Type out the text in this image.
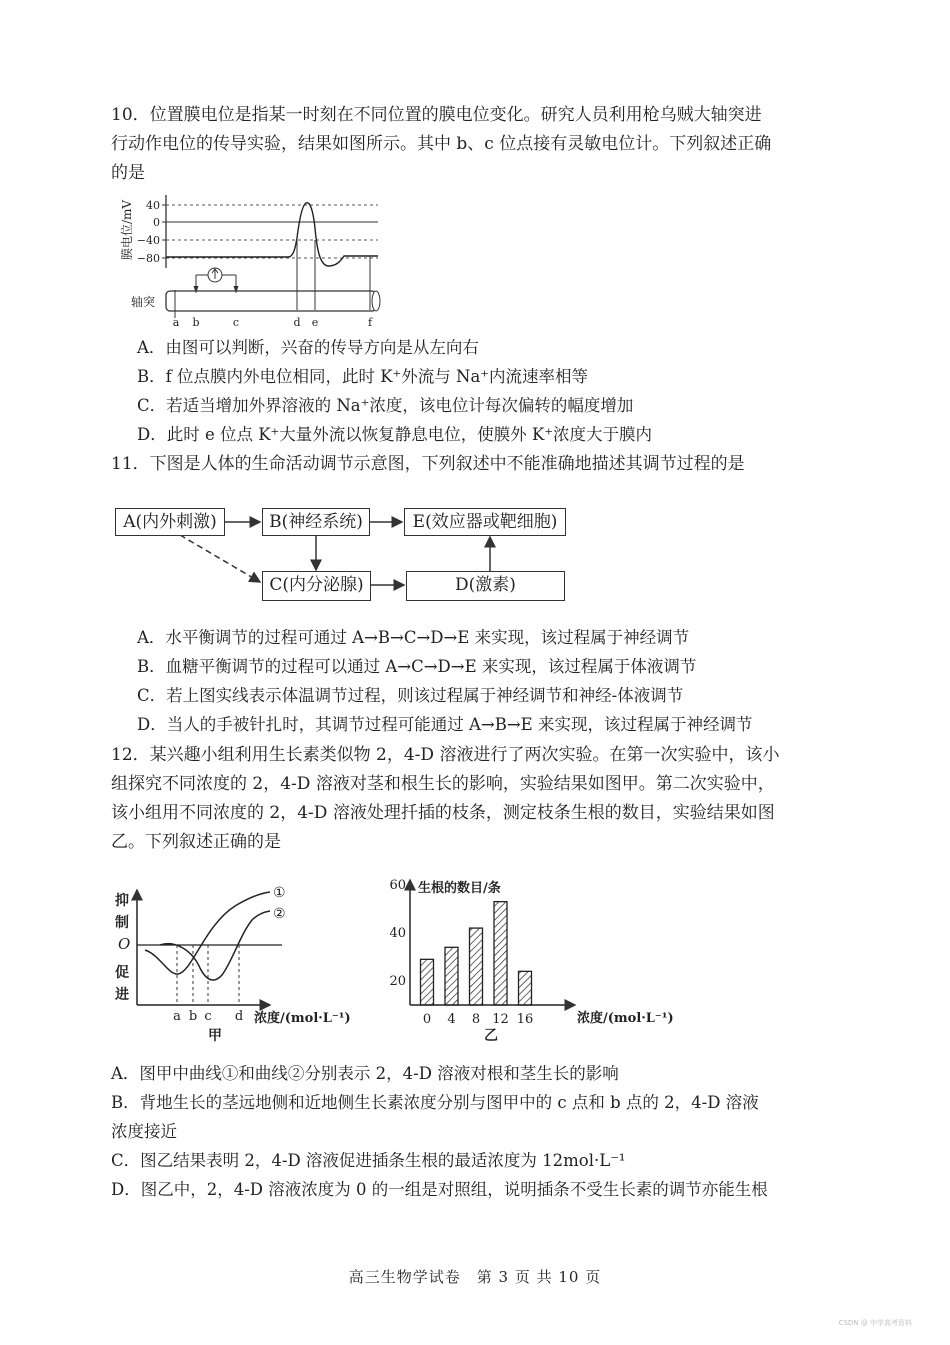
10．位置膜电位是指某一时刻在不同位置的膜电位变化。研究人员利用枪乌贼大轴突进
行动作电位的传导实验，结果如图所示。其中 b、c 位点接有灵敏电位计。下列叙述正确
的是
膜电位/mV 40
0
−40
−80
轴突
a b	c	d e	f
A．由图可以判断，兴奋的传导方向是从左向右
B．f 位点膜内外电位相同，此时 K⁺外流与 Na⁺内流速率相等
C．若适当增加外界溶液的 Na⁺浓度，该电位计每次偏转的幅度增加
D．此时 e 位点 K⁺大量外流以恢复静息电位，使膜外 K⁺浓度大于膜内
11．下图是人体的生命活动调节示意图，下列叙述中不能准确地描述其调节过程的是
A(内外刺激)	B(神经系统)	E(效应器或靶细胞)
C(内分泌腺)	D(激素)
A．水平衡调节的过程可通过 A→B→C→D→E 来实现，该过程属于神经调节
B．血糖平衡调节的过程可以通过 A→C→D→E 来实现，该过程属于体液调节
C．若上图实线表示体温调节过程，则该过程属于神经调节和神经-体液调节
D．当人的手被针扎时，其调节过程可能通过 A→B→E 来实现，该过程属于神经调节
12．某兴趣小组利用生长素类似物 2，4-D 溶液进行了两次实验。在第一次实验中，该小
组探究不同浓度的 2，4-D 溶液对茎和根生长的影响，实验结果如图甲。第二次实验中，
该小组用不同浓度的 2，4-D 溶液处理扦插的枝条，测定枝条生根的数目，实验结果如图
乙。下列叙述正确的是
抑
制
O
促
进
①
②
a b c d 浓度/(mol·L⁻¹)
甲
生根的数目/条
20
40
60
0 4 8 12 16	浓度/(mol·L⁻¹)
乙
A．图甲中曲线①和曲线②分别表示 2，4-D 溶液对根和茎生长的影响
B．背地生长的茎远地侧和近地侧生长素浓度分别与图甲中的 c 点和 b 点的 2，4-D 溶液
浓度接近
C．图乙结果表明 2，4-D 溶液促进插条生根的最适浓度为 12mol·L⁻¹
D．图乙中，2，4-D 溶液浓度为 0 的一组是对照组，说明插条不受生长素的调节亦能生根
高三生物学试卷　第 3 页 共 10 页
CSDN @ 中学高考资料
